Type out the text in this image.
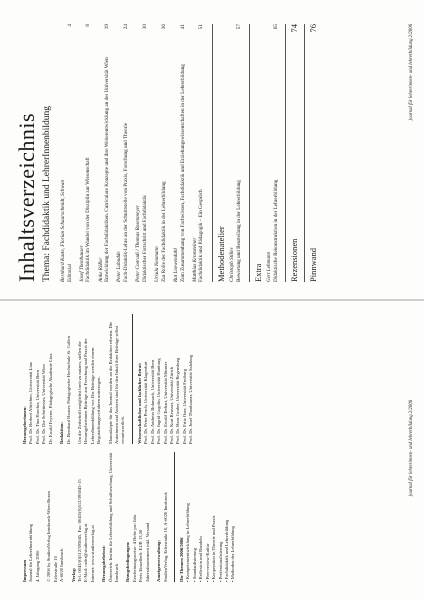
Impressum Journal für LehrerInnenbildung 4. Jahrgang 2006	© 2006 by StudienVerlag Innsbruck-Wien-Bozen Erlerstraße 10 A-6020 Innsbruck	Verlag: Tel.: 0043/(0)512/395045, Fax: 0043/(0)512/395045-15 E-Mail: order@studienverlag.at Internet: www.studienverlag.at	Herausgabebeirat: Österreich: Institut für Lehrerbildung und Schulforschung, Universität Innsbruck	Bezugsbedingungen: Erscheinungsweise: 4 Hefte pro Jahr Preis Einzelheft: EUR 13,50 Jahresabonnement inkl. Versand	Anzeigenverwaltung: StudienVerlag, Erlerstraße 10, A-6020 Innsbruck	Die Themen 2006/2006 • Kompetenzentwicklung in Lehrerbildung • Standardisierung • Reflexion und Handeln • Peer-review-Kultur • Kooperation in Theorie und Praxis • Professionalisierung • Fachdidaktik und Lehrerbildung • Methoden der Lehrerbildung
Herausgeberinnen: Prof. Dr. Herbert Altrichter, Universität Linz Prof. Dr. Tina Hascher, Universität Bern Prof. Dr. Ilse Schrittesser, Universität Wien Dr. Ewald Feyerer, Pädagogische Akademie Linz	Redaktion: Dr. Bernhard Hauser, Pädagogische Hochschule St. Gallen	Um die Zeitschrift möglichst breit zu nutzen, stellen die Herausgeberinnen Beiträge aus Forschung und Praxis der LehrerInnenbildung vor. Die Beiträge werden einem Begutachtungsverfahren unterzogen.	Manuskripte für das Journal werden an die Redaktion erbeten. Die Autorinnen und Autoren sind für den Inhalt ihrer Beiträge selbst verantwortlich.	Wissenschaftlicher und fachlicher Beirat: Prof. Dr. Peter Posch, Universität Klagenfurt Prof. Dr. Andreas Bohnsack, Universität Bern Prof. Dr. Ingrid Gogolin, Universität Hamburg Prof. Dr. Ewald Terhart, Universität Münster Prof. Dr. Kurt Reusser, Universität Zürich Prof. Dr. Hans Gruber, Universität Regensburg Prof. Dr. Fritz Oser, Universität Freiburg Prof. Dr. Josef Thonhauser, Universität Salzburg
journal für lehrerinnen- und lehrerbildung 2/2006
Inhaltsverzeichnis Thema: Fachdidaktik und LehrerInnenbildung Bernhard Kaste, Florian Schaarschmidt, Schwan Editorial
4
Josef Thonhauser Fachdidaktik im Wandel von der Disziplin zur Wissenschaft
8
Anke Rößer Entwicklung der Fachdidaktiken. Curriculare Konzepte und ihre Weiterentwicklung an der Universität Wien
19
Peter Labudde Fach-Didaktik-Lehre an der Schnittstelle von Praxis, Forschung und Theorie
24
Peter Conradi / Thomas Rosenmeyer Didaktischer Fortschritt und Fachdidaktik
30
Ursula Neumann Zur Rolle der Fachdidaktik in der Lehrerbildung
36
Rut Loewendahl Zum Zusammenhang von Fachwissen, Fachdidaktik und Erziehungswissenschaften in der Lehrerbildung
41
Matthias Kronsteiner Fachdidaktik und Pädagogik – Ein Gespräch
51
Methodenatelier Christoph Stiller Bewertung und Beurteilung in der Lehrerbildung
57
Extra Gert Lehmann Didaktische Rekonstruktion in der Lehrerbildung
65
Rezensionen
74
Pinnwand
76	journal für lehrerinnen- und lehrerbildung 2/2006
